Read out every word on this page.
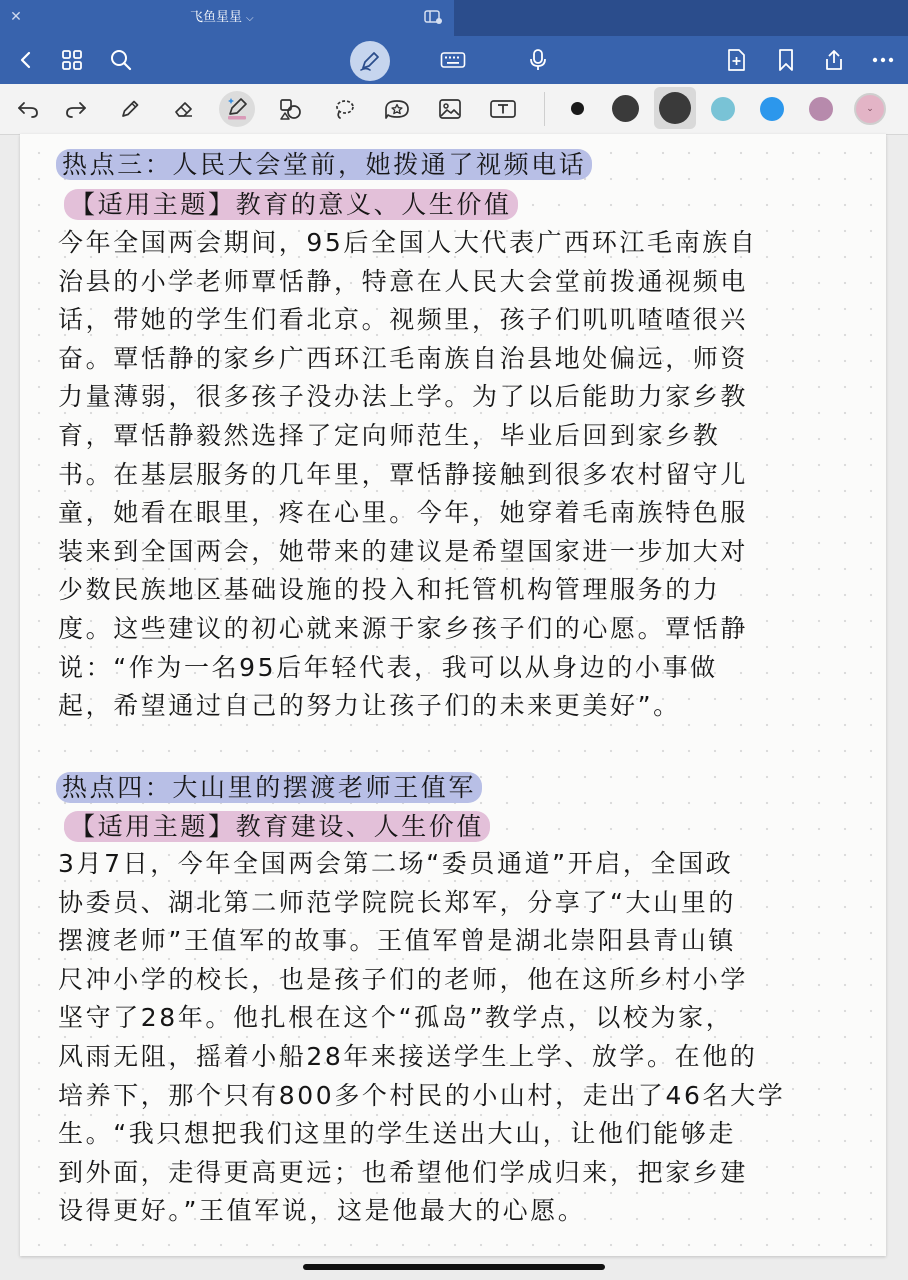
✕	飞鱼星星 ⌵
⌄
热点三：人民大会堂前，她拨通了视频电话
【适用主题】教育的意义、人生价值
今年全国两会期间，95后全国人大代表广西环江毛南族自
治县的小学老师覃恬静，特意在人民大会堂前拨通视频电
话，带她的学生们看北京。视频里，孩子们叽叽喳喳很兴
奋。覃恬静的家乡广西环江毛南族自治县地处偏远，师资
力量薄弱，很多孩子没办法上学。为了以后能助力家乡教
育，覃恬静毅然选择了定向师范生，毕业后回到家乡教
书。在基层服务的几年里，覃恬静接触到很多农村留守儿
童，她看在眼里，疼在心里。今年，她穿着毛南族特色服
装来到全国两会，她带来的建议是希望国家进一步加大对
少数民族地区基础设施的投入和托管机构管理服务的力
度。这些建议的初心就来源于家乡孩子们的心愿。覃恬静
说：“作为一名95后年轻代表，我可以从身边的小事做
起，希望通过自己的努力让孩子们的未来更美好”。
热点四：大山里的摆渡老师王值军
【适用主题】教育建设、人生价值
3月7日，今年全国两会第二场“委员通道”开启，全国政
协委员、湖北第二师范学院院长郑军，分享了“大山里的
摆渡老师”王值军的故事。王值军曾是湖北崇阳县青山镇
尺冲小学的校长，也是孩子们的老师，他在这所乡村小学
坚守了28年。他扎根在这个“孤岛”教学点，以校为家，
风雨无阻，摇着小船28年来接送学生上学、放学。在他的
培养下，那个只有800多个村民的小山村，走出了46名大学
生。“我只想把我们这里的学生送出大山，让他们能够走
到外面，走得更高更远；也希望他们学成归来，把家乡建
设得更好。”王值军说，这是他最大的心愿。
